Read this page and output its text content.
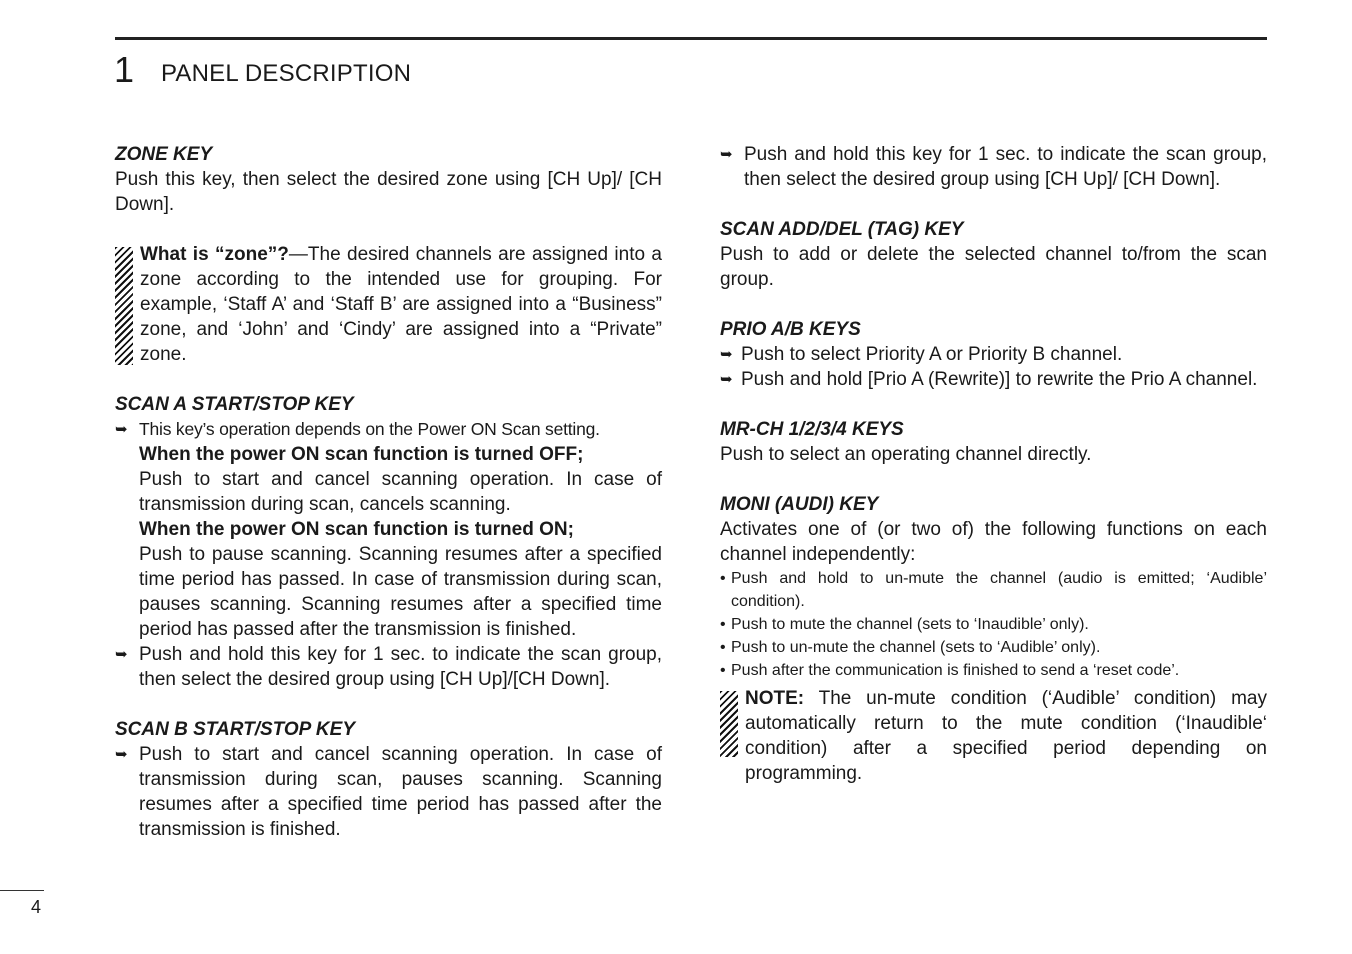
1 PANEL DESCRIPTION

ZONE KEY

Push this key, then select the desired zone using [CH Up]/ [CH Down].

What is “zone”?—The desired channels are assigned into a zone according to the intended use for grouping. For example, ‘Staff A’ and ‘Staff B’ are assigned into a “Business” zone, and ‘John’ and ‘Cindy’ are assigned into a “Private” zone.

SCAN A START/STOP KEY

➥ This key’s operation depends on the Power ON Scan setting.

When the power ON scan function is turned OFF;

Push to start and cancel scanning operation. In case of transmission during scan, cancels scanning.

When the power ON scan function is turned ON;

Push to pause scanning. Scanning resumes after a specified time period has passed. In case of transmission during scan, pauses scanning. Scanning resumes after a specified time period has passed after the transmission is finished.

➥ Push and hold this key for 1 sec. to indicate the scan group, then select the desired group using [CH Up]/[CH Down].

SCAN B START/STOP KEY

➥ Push to start and cancel scanning operation. In case of transmission during scan, pauses scanning. Scanning resumes after a specified time period has passed after the transmission is finished.
➥ Push and hold this key for 1 sec. to indicate the scan group, then select the desired group using [CH Up]/ [CH Down].

SCAN ADD/DEL (TAG) KEY

Push to add or delete the selected channel to/from the scan group.

PRIO A/B KEYS

➥ Push to select Priority A or Priority B channel.
➥ Push and hold [Prio A (Rewrite)] to rewrite the Prio A channel.

MR-CH 1/2/3/4 KEYS

Push to select an operating channel directly.

MONI (AUDI) KEY

Activates one of (or two of) the following functions on each channel independently:

• Push and hold to un-mute the channel (audio is emitted; ‘Audible’ condition).
• Push to mute the channel (sets to ‘Inaudible’ only).
• Push to un-mute the channel (sets to ‘Audible’ only).
• Push after the communication is finished to send a ‘reset code’.
NOTE: The un-mute condition (‘Audible’ condition) may automatically return to the mute condition (‘Inaudible‘ condition) after a specified period depending on programming.
4
